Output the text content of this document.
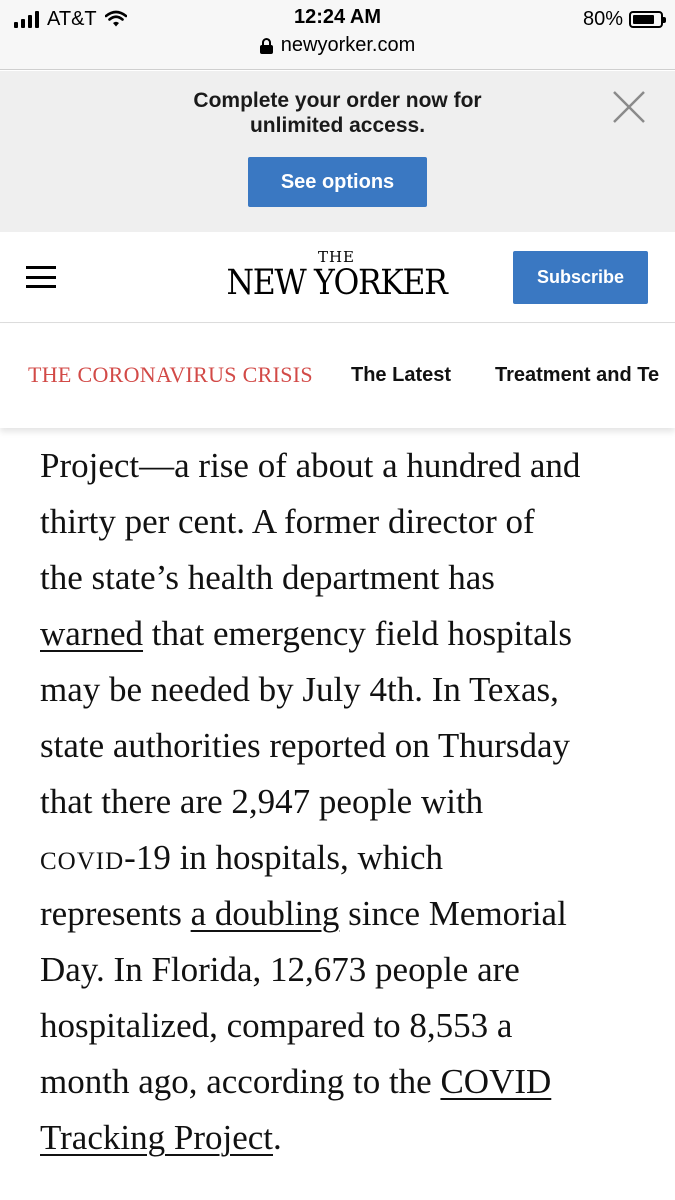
AT&T	12:24 AM
newyorker.com
80%
Complete your order now for
unlimited access.
See options
THE
NEW YORKER	Subscribe
THE CORONAVIRUS CRISIS The Latest Treatment and Te
Project—a rise of about a hundred and
thirty per cent. A former director of
the state’s health department has
warned that emergency field hospitals
may be needed by July 4th. In Texas,
state authorities reported on Thursday
that there are 2,947 people with
covid-19 in hospitals, which
represents a doubling since Memorial
Day. In Florida, 12,673 people are
hospitalized, compared to 8,553 a
month ago, according to the COVID
Tracking Project.
